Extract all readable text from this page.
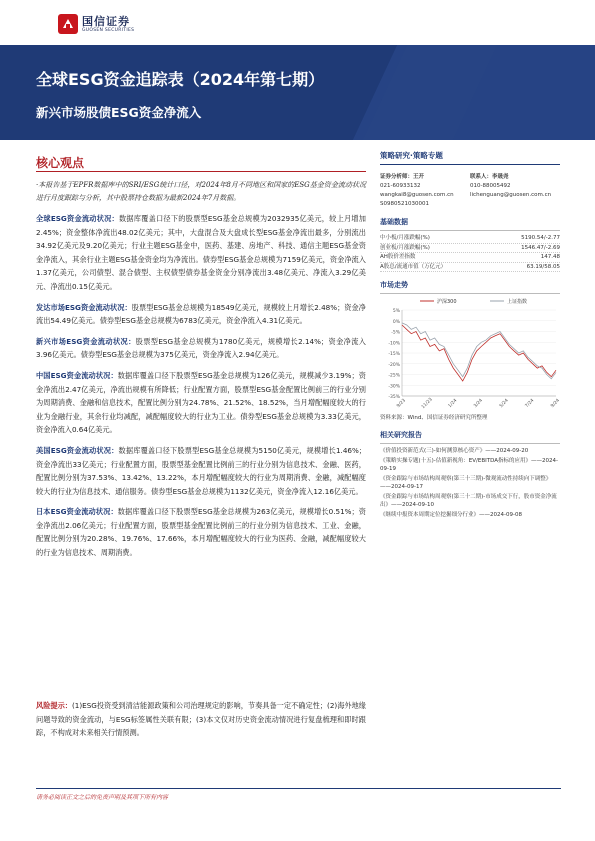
国信证券
GUOSEN SECURITIES
全球ESG资金追踪表（2024年第七期）
新兴市场股债ESG资金净流入
核心观点

·本报告基于EPFR数据库中的SRI/ESG统计口径，对2024年8月不同地区和国家的ESG基金资金流动状况进行月度跟踪与分析，其中股票持仓数据为最新2024年7月数据。

全球ESG资金流动状况：数据库覆盖口径下的股票型ESG基金总规模为2032935亿美元，较上月增加2.45%；资金整体净流出48.02亿美元；其中，大盘混合及大盘成长型ESG基金净流出最多，分别流出34.92亿美元及9.20亿美元；行业主题ESG基金中，医药、基建、房地产、科技、通信主题ESG基金资金净流入，其余行业主题ESG基金资金均为净流出。债券型ESG基金总规模为7159亿美元，资金净流入1.37亿美元，公司债型、混合债型、主权债型债券基金资金分别净流出3.48亿美元、净流入3.29亿美元、净流出0.15亿美元。

发达市场ESG资金流动状况：股票型ESG基金总规模为18549亿美元，规模较上月增长2.48%；资金净流出54.49亿美元。债券型ESG基金总规模为6783亿美元，资金净流入4.31亿美元。

新兴市场ESG资金流动状况：股票型ESG基金总规模为1780亿美元，规模增长2.14%；资金净流入3.96亿美元。债券型ESG基金总规模为375亿美元，资金净流入2.94亿美元。

中国ESG资金流动状况：数据库覆盖口径下股票型ESG基金总规模为126亿美元，规模减少3.19%；资金净流出2.47亿美元，净流出规模有所降低；行业配置方面，股票型ESG基金配置比例前三的行业分别为周期消费、金融和信息技术，配置比例分别为24.78%、21.52%、18.52%，当月增配幅度较大的行业为金融行业，其余行业均减配，减配幅度较大的行业为工业。债券型ESG基金总规模为3.33亿美元，资金净流入0.64亿美元。

美国ESG资金流动状况：数据库覆盖口径下股票型ESG基金总规模为5150亿美元，规模增长1.46%；资金净流出33亿美元；行业配置方面，股票型基金配置比例前三的行业分别为信息技术、金融、医药，配置比例分别为37.53%、13.42%、13.22%，本月增配幅度较大的行业为周期消费、金融，减配幅度较大的行业为信息技术、通信服务。债券型ESG基金总规模为1132亿美元，资金净流入12.16亿美元。

日本ESG资金流动状况：数据库覆盖口径下股票型ESG基金总规模为263亿美元，规模增长0.51%；资金净流出2.06亿美元；行业配置方面，股票型基金配置比例前三的行业分别为信息技术、工业、金融，配置比例分别为20.28%、19.76%、17.66%，本月增配幅度较大的行业为医药、金融，减配幅度较大的行业为信息技术、周期消费。

风险提示：(1)ESG投资受到清洁能源政策和公司治理规定的影响，节奏具备一定不确定性；(2)海外地缘问题导致的资金流动，与ESG标签属性关联有限；(3)本文仅对历史资金流动情况进行复盘梳理和即时跟踪，不构成对未来相关行情预测。
策略研究·策略专题
证券分析师：王开	联系人：李晟尧
021-60933132	010-88005492
wangkai8@guosen.com.cn	lichenguang@guosen.com.cn
S0980521030001
基础数据
中小板/月涨跌幅(%)	5190.54/-2.77
创业板/月涨跌幅(%)	1546.47/-2.69
AH股价差指数	147.48
A股总/流通市值（万亿元）	63.19/58.05
市场走势
5%
0%
-5%
-10%
-15%
-20%
-25%
-30%
-35%
9/23	11/23	1/24	3/24	5/24	7/24	9/24
沪深300	上证指数
资料来源：Wind、国信证券经济研究所整理
相关研究报告
《价值投资新范式(三)-如何测算核心资产》——2024-09-20
《策略实操专题(十五)-估值新视角：EV/EBITDA指标的应用》——2024-09-19
《资金跟踪与市场结构周观察(第三十三期)-微观流动性持续向下调整》——2024-09-17
《资金跟踪与市场结构周观察(第三十二期)-市场成交下行，股市资金净流出》——2024-09-10
《继续中报资本周期定位挖掘细分行业》——2024-09-08
请务必阅读正文之后的免责声明及其项下所有内容
